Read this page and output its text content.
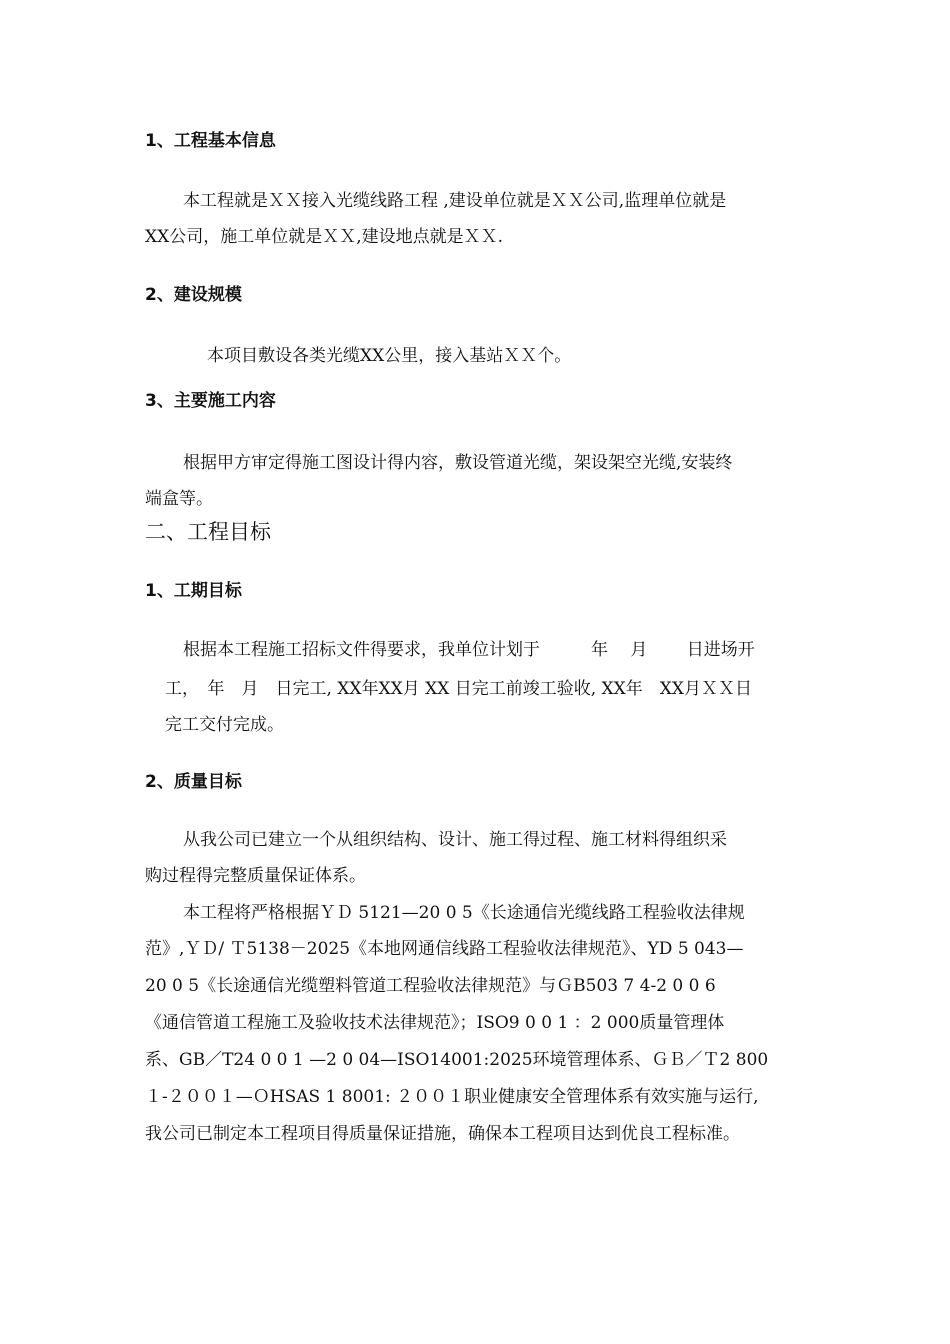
1、工程基本信息
本工程就是ＸＸ接入光缆线路工程 ,建设单位就是ＸＸ公司,监理单位就是
XX公司，施工单位就是ＸＸ,建设地点就是ＸＸ.
2、建设规模
本项目敷设各类光缆XX公里，接入基站ＸＸ个。
3、主要施工内容
根据甲方审定得施工图设计得内容，敷设管道光缆，架设架空光缆,安装终
端盒等。
二、工程目标
1、工期目标
根据本工程施工招标文件得要求，我单位计划于　　　年　 月　　 日进场开
工，　年　月　日完工, XX年XX月 XX 日完工前竣工验收, XX年　XX月ＸＸ日
完工交付完成。
2、质量目标
从我公司已建立一个从组织结构、设计、施工得过程、施工材料得组织采
购过程得完整质量保证体系。
本工程将严格根据ＹＤ 5121—20 0 5《长途通信光缆线路工程验收法律规
范》,ＹＤ/ Ｔ5138－2025《本地网通信线路工程验收法律规范》、YD 5 043—
20 0 5《长途通信光缆塑料管道工程验收法律规范》与ＧB503 7 4-2 0 0 6
《通信管道工程施工及验收技术法律规范》；ISO9 0 0 1 ：2 000质量管理体
系、GB／T24 0 0 1 —2 0 04—ISO14001:2025环境管理体系、ＧＢ／Ｔ2 800
１-２００１—ＯHSAS 1 8001: ２００１职业健康安全管理体系有效实施与运行,
我公司已制定本工程项目得质量保证措施，确保本工程项目达到优良工程标准。
